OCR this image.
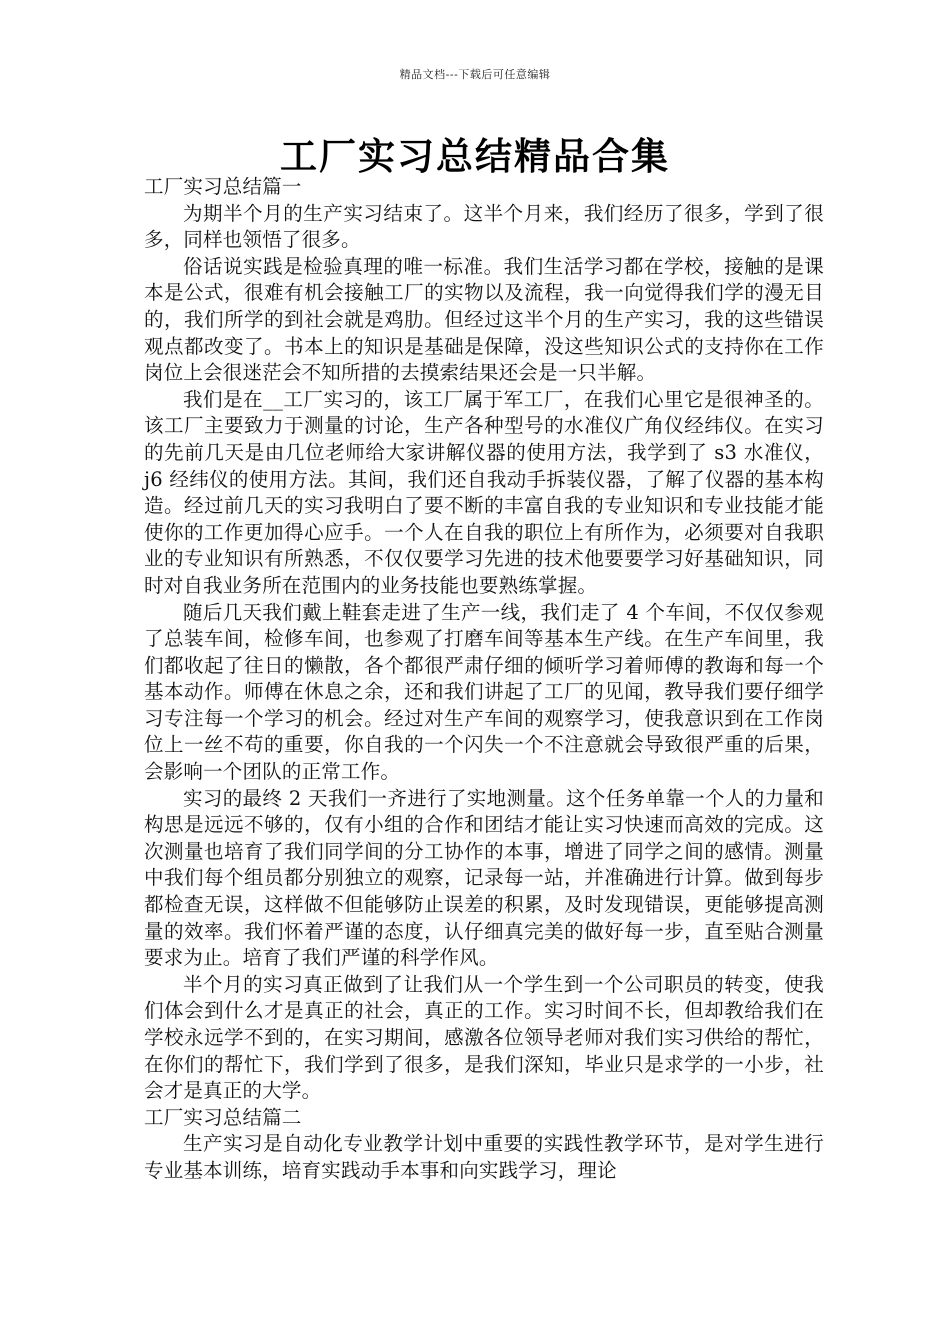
精品文档---下载后可任意编辑
工厂实习总结精品合集

工厂实习总结篇一

为期半个月的生产实习结束了。这半个月来，我们经历了很多，学到了很多，同样也领悟了很多。

俗话说实践是检验真理的唯一标准。我们生活学习都在学校，接触的是课本是公式，很难有机会接触工厂的实物以及流程，我一向觉得我们学的漫无目的，我们所学的到社会就是鸡肋。但经过这半个月的生产实习，我的这些错误观点都改变了。书本上的知识是基础是保障，没这些知识公式的支持你在工作岗位上会很迷茫会不知所措的去摸索结果还会是一只半解。

我们是在__工厂实习的，该工厂属于军工厂，在我们心里它是很神圣的。该工厂主要致力于测量的讨论，生产各种型号的水准仪广角仪经纬仪。在实习的先前几天是由几位老师给大家讲解仪器的使用方法，我学到了 s3 水准仪，j6 经纬仪的使用方法。其间，我们还自我动手拆装仪器，了解了仪器的基本构造。经过前几天的实习我明白了要不断的丰富自我的专业知识和专业技能才能使你的工作更加得心应手。一个人在自我的职位上有所作为，必须要对自我职业的专业知识有所熟悉，不仅仅要学习先进的技术他要要学习好基础知识，同时对自我业务所在范围内的业务技能也要熟练掌握。

随后几天我们戴上鞋套走进了生产一线，我们走了 4 个车间，不仅仅参观了总装车间，检修车间，也参观了打磨车间等基本生产线。在生产车间里，我们都收起了往日的懒散，各个都很严肃仔细的倾听学习着师傅的教诲和每一个基本动作。师傅在休息之余，还和我们讲起了工厂的见闻，教导我们要仔细学习专注每一个学习的机会。经过对生产车间的观察学习，使我意识到在工作岗位上一丝不苟的重要，你自我的一个闪失一个不注意就会导致很严重的后果，会影响一个团队的正常工作。

实习的最终 2 天我们一齐进行了实地测量。这个任务单靠一个人的力量和构思是远远不够的，仅有小组的合作和团结才能让实习快速而高效的完成。这次测量也培育了我们同学间的分工协作的本事，增进了同学之间的感情。测量中我们每个组员都分别独立的观察，记录每一站，并准确进行计算。做到每步都检查无误，这样做不但能够防止误差的积累，及时发现错误，更能够提高测量的效率。我们怀着严谨的态度，认仔细真完美的做好每一步，直至贴合测量要求为止。培育了我们严谨的科学作风。

半个月的实习真正做到了让我们从一个学生到一个公司职员的转变，使我们体会到什么才是真正的社会，真正的工作。实习时间不长，但却教给我们在学校永远学不到的，在实习期间，感激各位领导老师对我们实习供给的帮忙，在你们的帮忙下，我们学到了很多，是我们深知，毕业只是求学的一小步，社会才是真正的大学。

工厂实习总结篇二

生产实习是自动化专业教学计划中重要的实践性教学环节，是对学生进行专业基本训练，培育实践动手本事和向实践学习，理论
